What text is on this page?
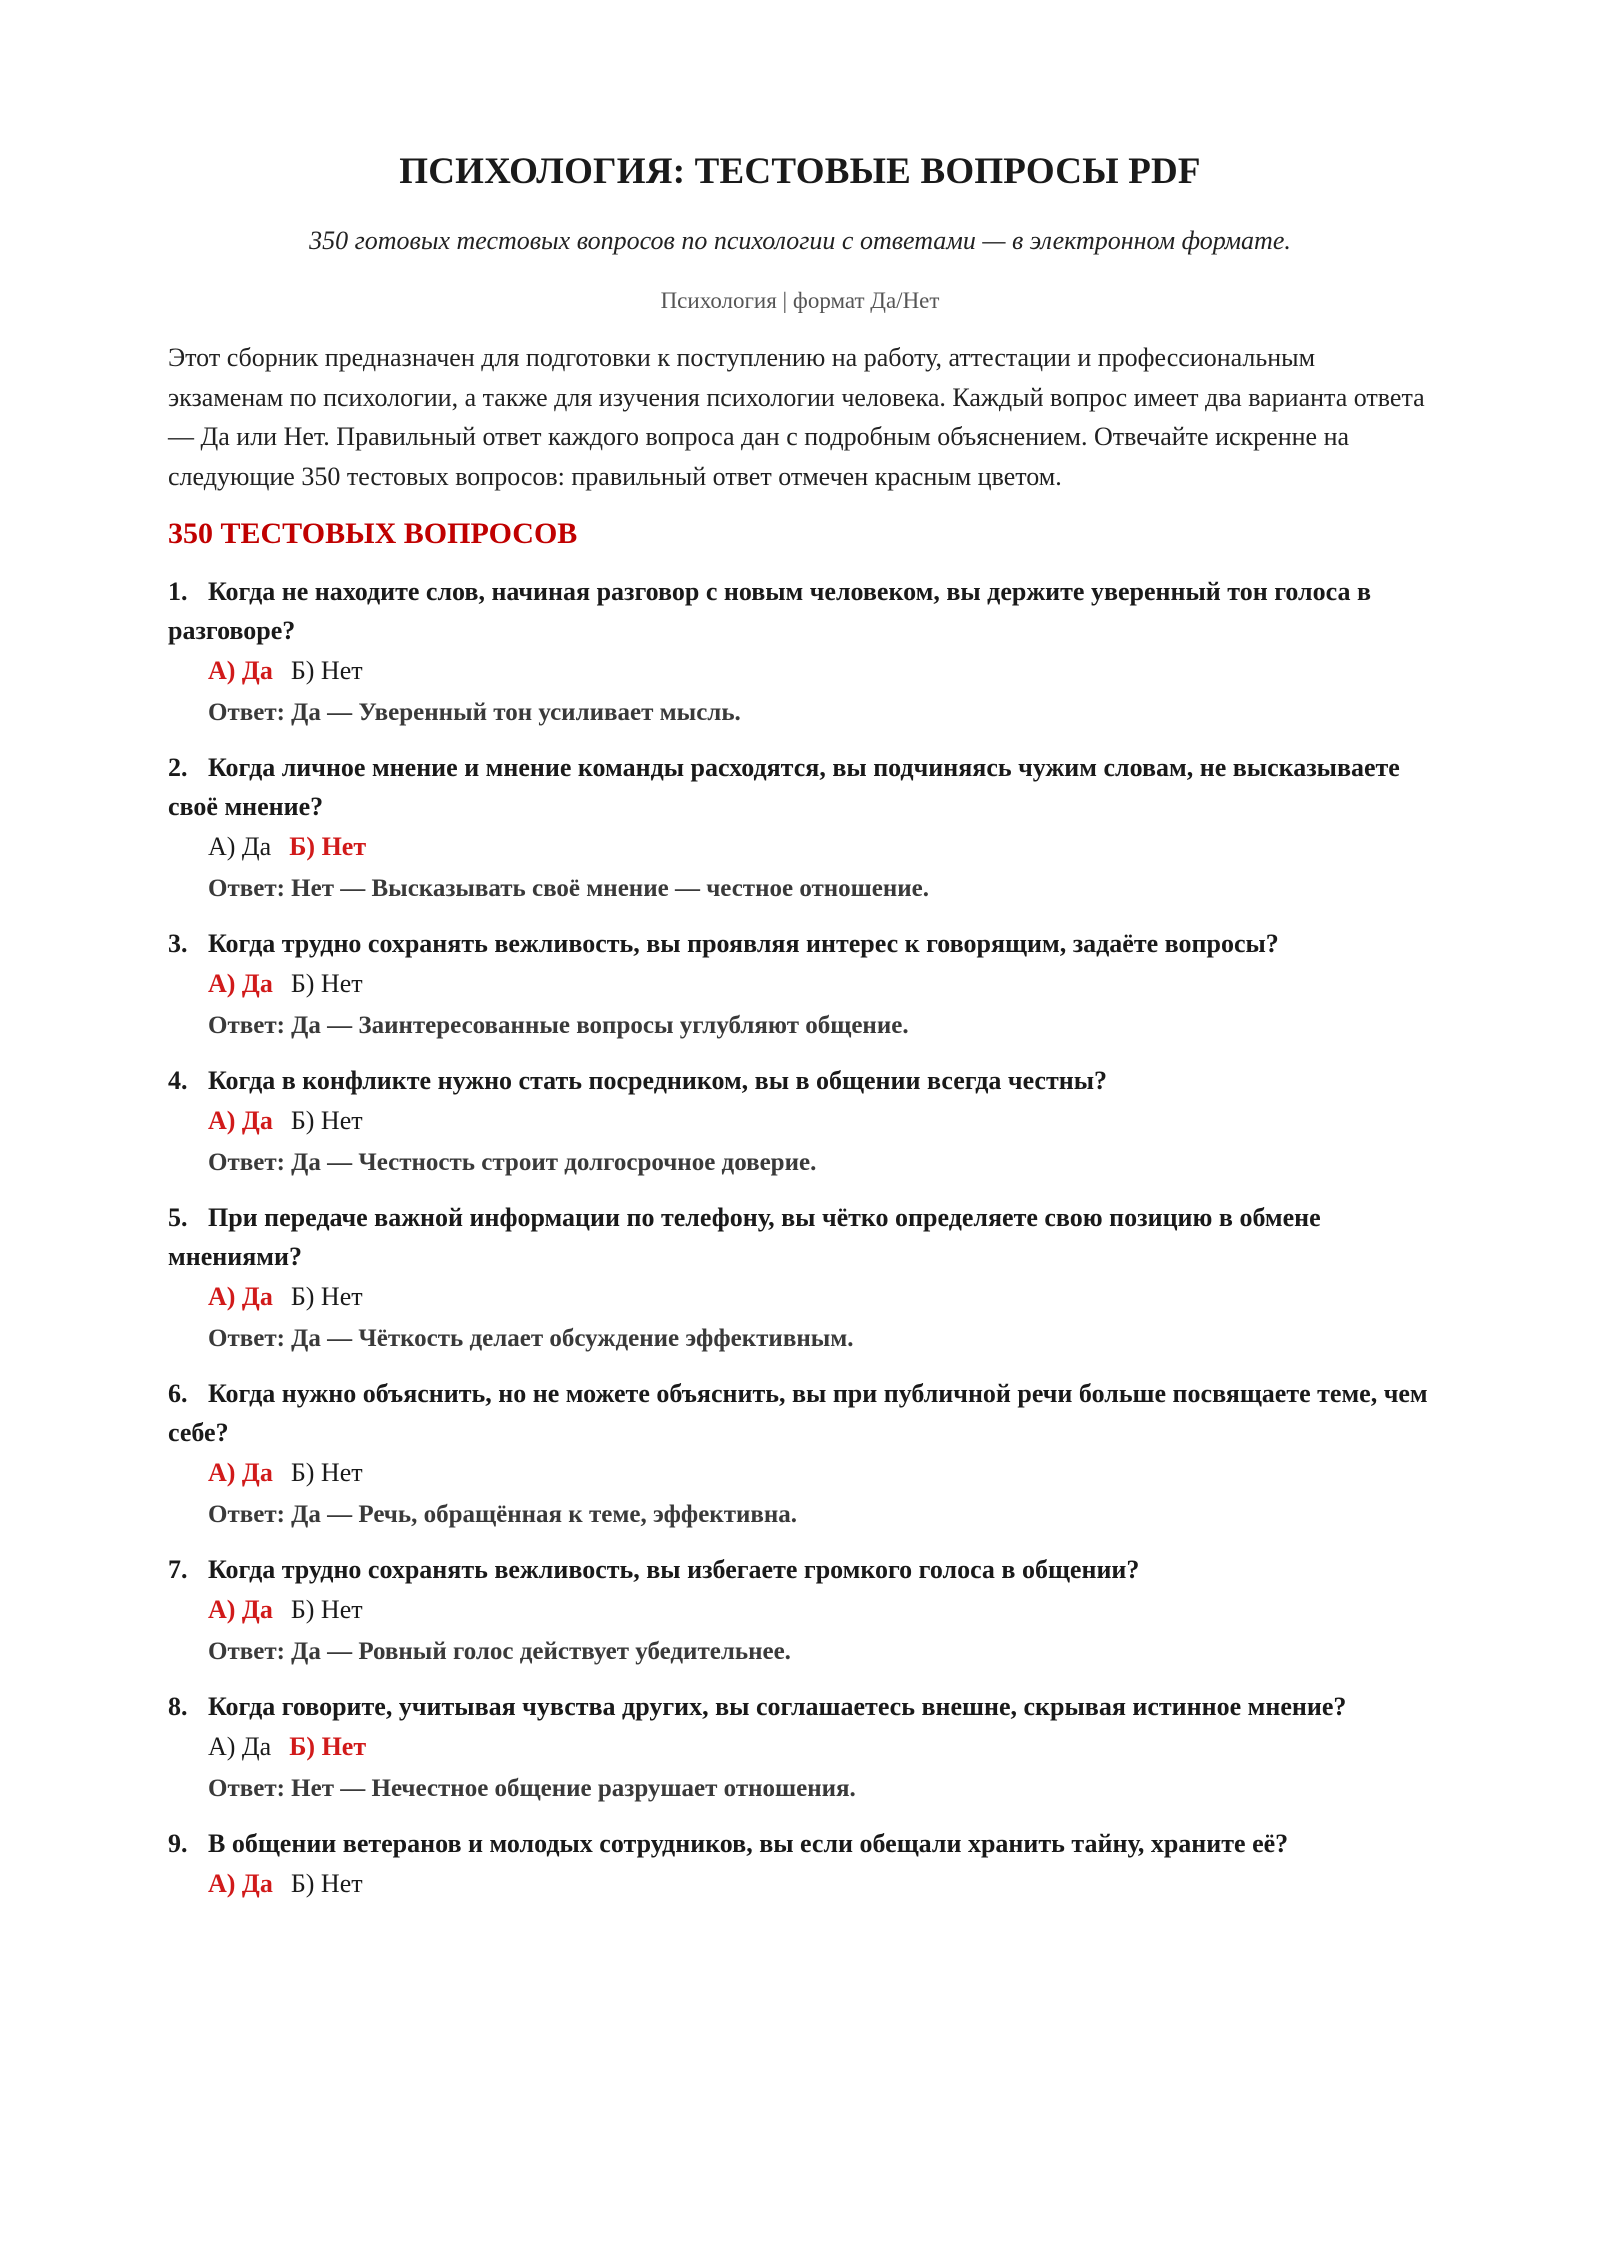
ПСИХОЛОГИЯ: ТЕСТОВЫЕ ВОПРОСЫ PDF

350 готовых тестовых вопросов по психологии с ответами — в электронном формате.

Психология | формат Да/Нет

Этот сборник предназначен для подготовки к поступлению на работу, аттестации и профессиональным экзаменам по психологии, а также для изучения психологии человека. Каждый вопрос имеет два варианта ответа — Да или Нет. Правильный ответ каждого вопроса дан с подробным объяснением. Отвечайте искренне на следующие 350 тестовых вопросов: правильный ответ отмечен красным цветом.

350 ТЕСТОВЫХ ВОПРОСОВ

1. Когда не находите слов, начиная разговор с новым человеком, вы держите уверенный тон голоса в разговоре?

А) Да Б) Нет
Ответ: Да — Уверенный тон усиливает мысль.

2. Когда личное мнение и мнение команды расходятся, вы подчиняясь чужим словам, не высказываете своё мнение?

А) Да Б) Нет
Ответ: Нет — Высказывать своё мнение — честное отношение.

3. Когда трудно сохранять вежливость, вы проявляя интерес к говорящим, задаёте вопросы?

А) Да Б) Нет
Ответ: Да — Заинтересованные вопросы углубляют общение.

4. Когда в конфликте нужно стать посредником, вы в общении всегда честны?

А) Да Б) Нет
Ответ: Да — Честность строит долгосрочное доверие.

5. При передаче важной информации по телефону, вы чётко определяете свою позицию в обмене мнениями?

А) Да Б) Нет
Ответ: Да — Чёткость делает обсуждение эффективным.

6. Когда нужно объяснить, но не можете объяснить, вы при публичной речи больше посвящаете теме, чем себе?

А) Да Б) Нет
Ответ: Да — Речь, обращённая к теме, эффективна.

7. Когда трудно сохранять вежливость, вы избегаете громкого голоса в общении?

А) Да Б) Нет
Ответ: Да — Ровный голос действует убедительнее.

8. Когда говорите, учитывая чувства других, вы соглашаетесь внешне, скрывая истинное мнение?

А) Да Б) Нет
Ответ: Нет — Нечестное общение разрушает отношения.

9. В общении ветеранов и молодых сотрудников, вы если обещали хранить тайну, храните её?

А) Да Б) Нет
